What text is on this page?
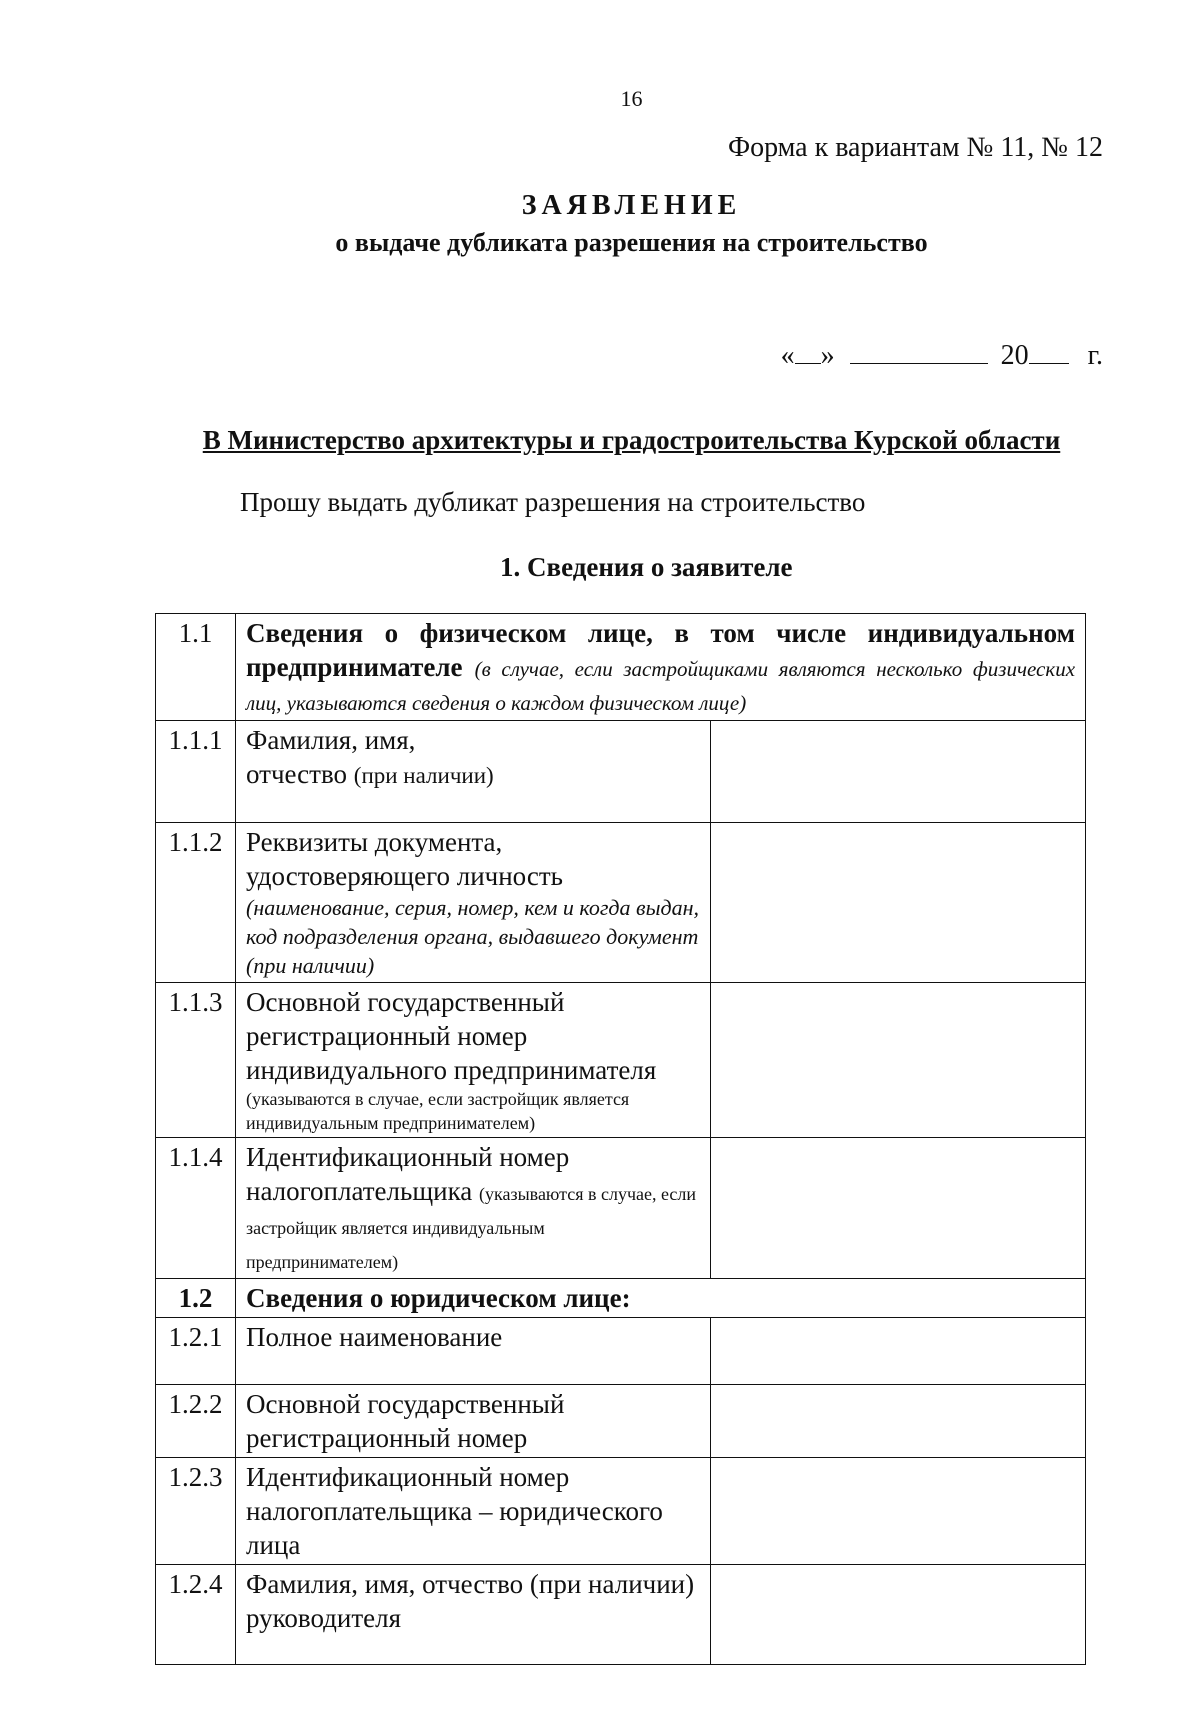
16
Форма к вариантам № 11, № 12
ЗАЯВЛЕНИЕ
о выдаче дубликата разрешения на строительство
« »	20 г.
В Министерство архитектуры и градостроительства Курской области
Прошу выдать дубликат разрешения на строительство
1. Сведения о заявителе
1.1	Сведения о физическом лице, в том числе индивидуальном предпринимателе (в случае, если застройщиками являются несколько физических лиц, указываются сведения о каждом физическом лице)	
1.1.1	Фамилия, имя,
отчество (при наличии)	

1.1.2	Реквизиты документа, удостоверяющего личность
(наименование, серия, номер, кем и когда выдан, код подразделения органа, выдавшего документ (при наличии)	

1.1.3	Основной государственный регистрационный номер индивидуального предпринимателя
(указываются в случае, если застройщик является индивидуальным предпринимателем)	

1.1.4	Идентификационный номер налогоплательщика (указываются в случае, если застройщик является индивидуальным предпринимателем)	
1.2	Сведения о юридическом лице:	
1.2.1	Полное наименование	
1.2.2	Основной государственный регистрационный номер	
1.2.3	Идентификационный номер налогоплательщика – юридического лица	
1.2.4	Фамилия, имя, отчество (при наличии) руководителя	
